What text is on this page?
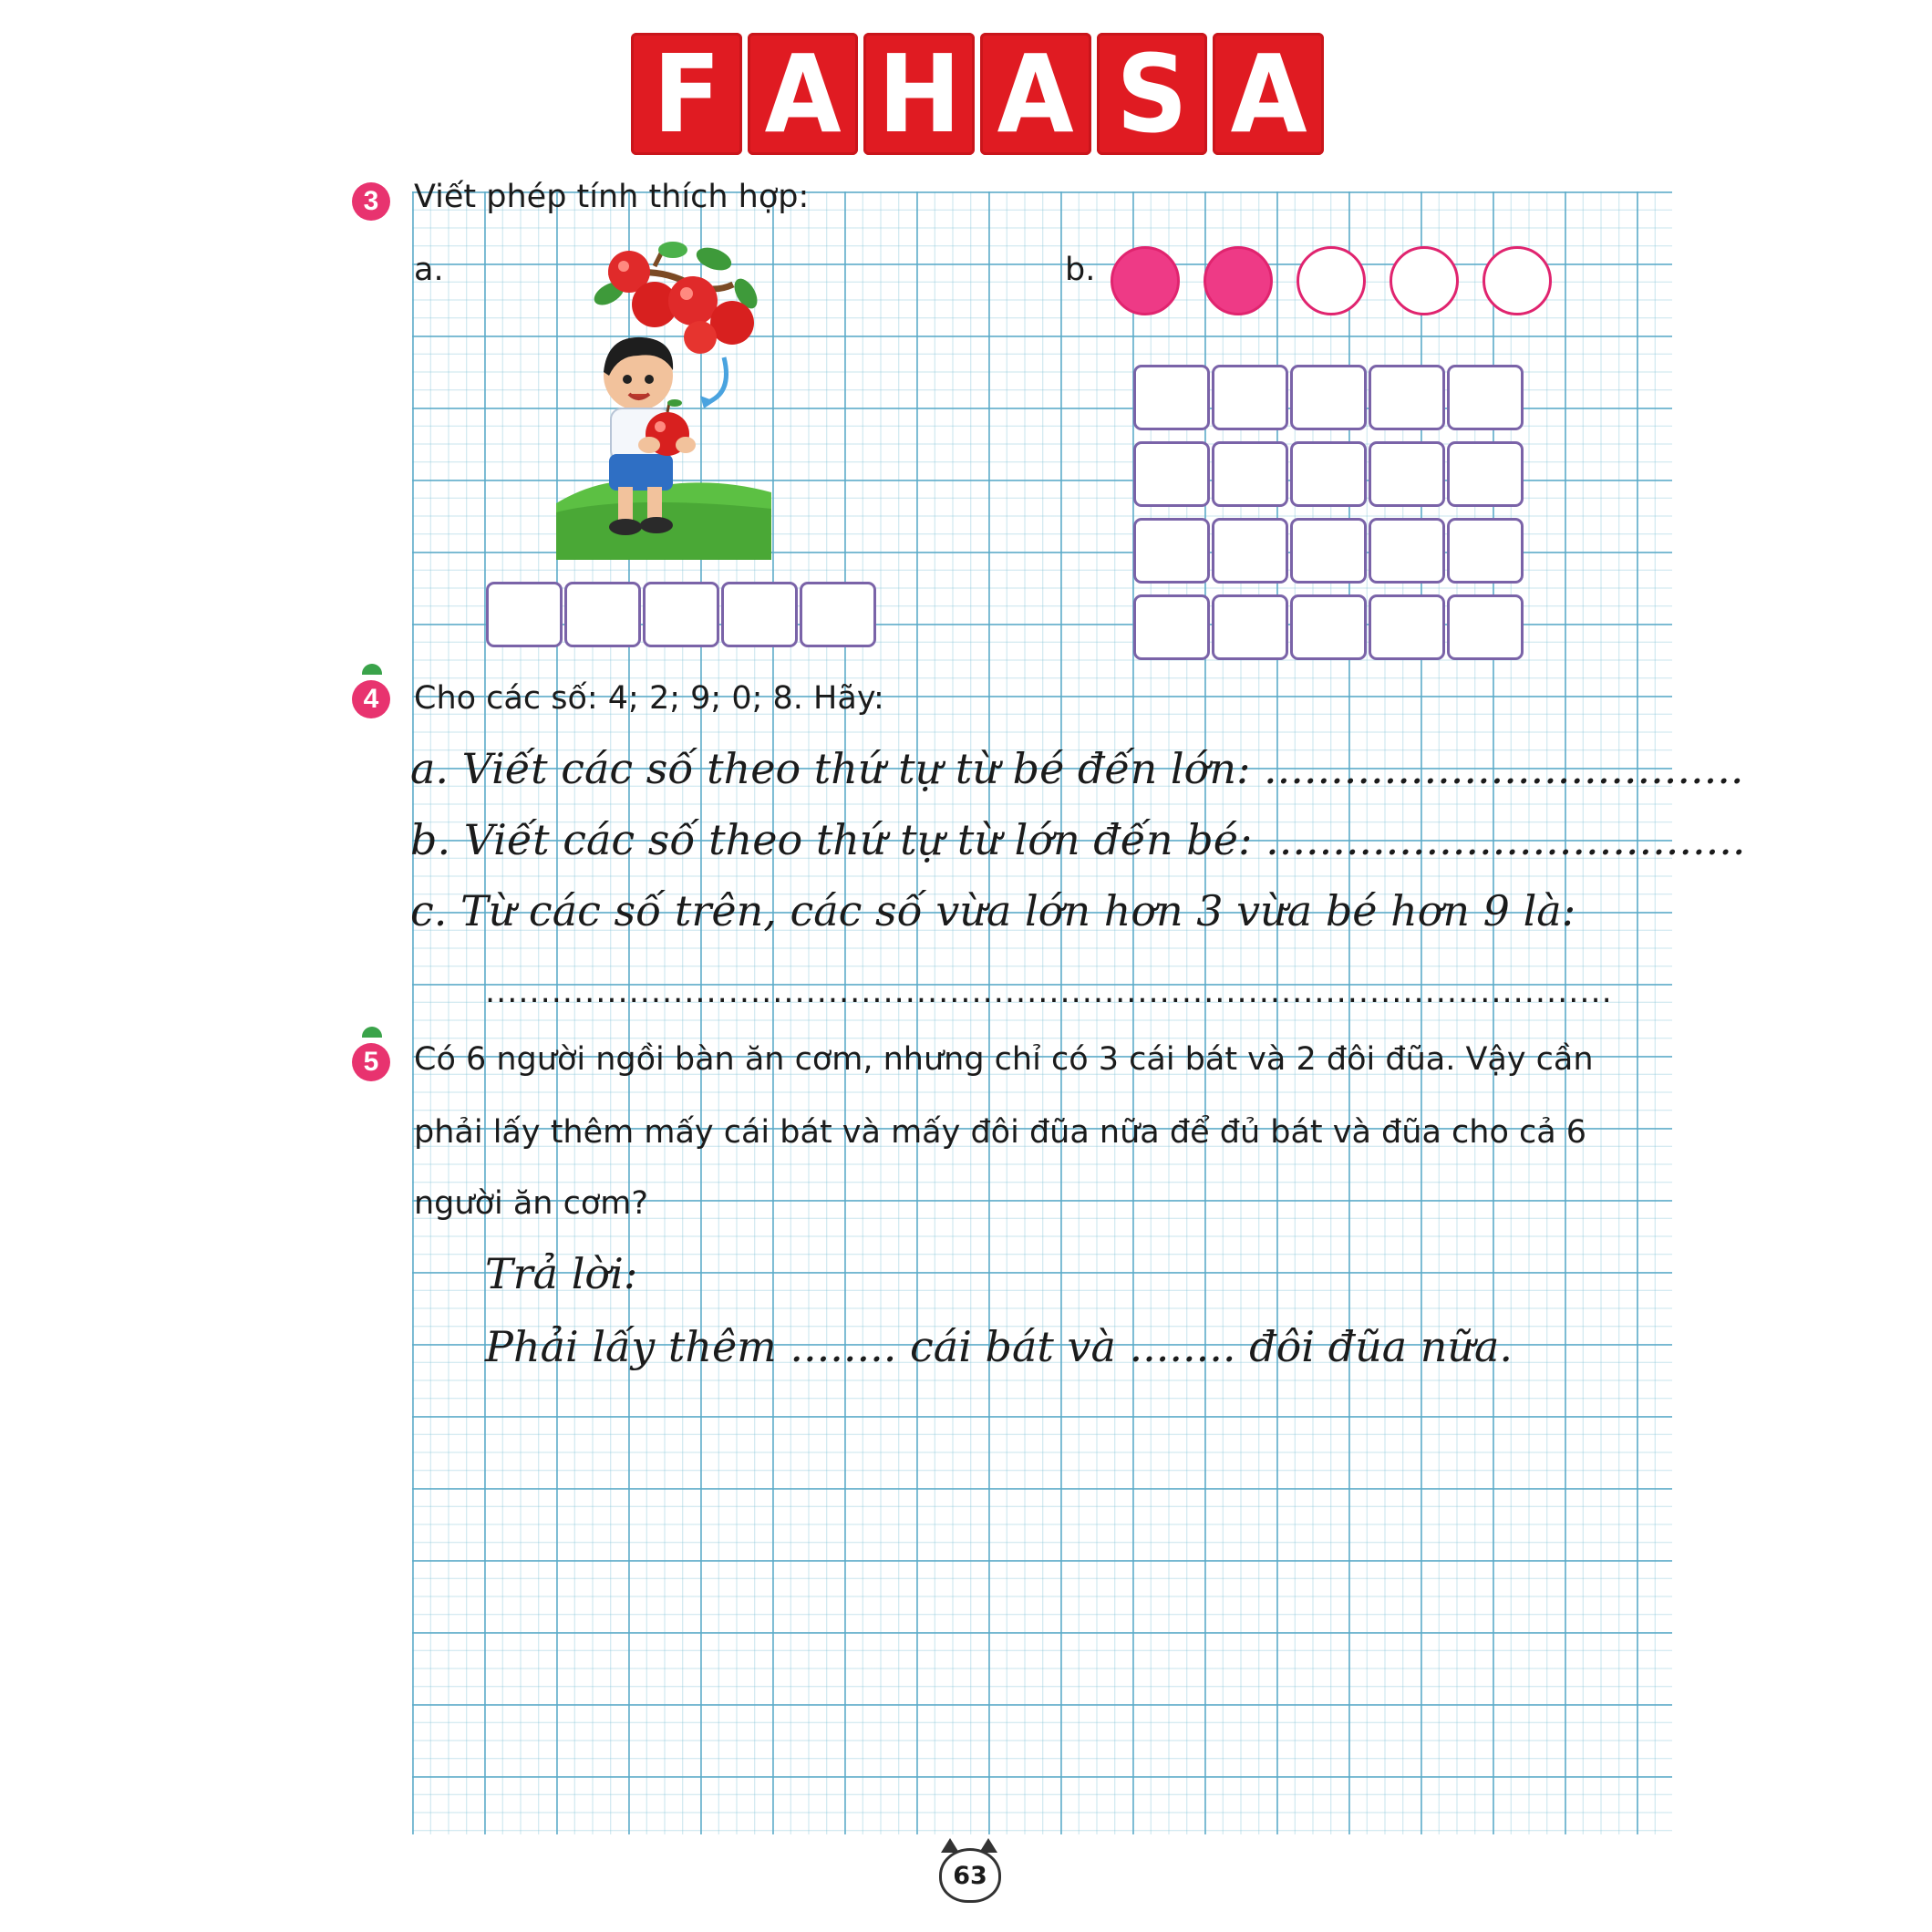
F A H A S A
3 Viết phép tính thích hợp:
a.	b.
4 Cho các số: 4; 2; 9; 0; 8. Hãy:
a. Viết các số theo thứ tự từ bé đến lớn: ....................................
b. Viết các số theo thứ tự từ lớn đến bé: ....................................
c. Từ các số trên, các số vừa lớn hơn 3 vừa bé hơn 9 là:
......................................................................................................
5 Có 6 người ngồi bàn ăn cơm, nhưng chỉ có 3 cái bát và 2 đôi đũa. Vậy cần
phải lấy thêm mấy cái bát và mấy đôi đũa nữa để đủ bát và đũa cho cả 6
người ăn cơm?
Trả lời:
Phải lấy thêm ........ cái bát và ........ đôi đũa nữa.
63
